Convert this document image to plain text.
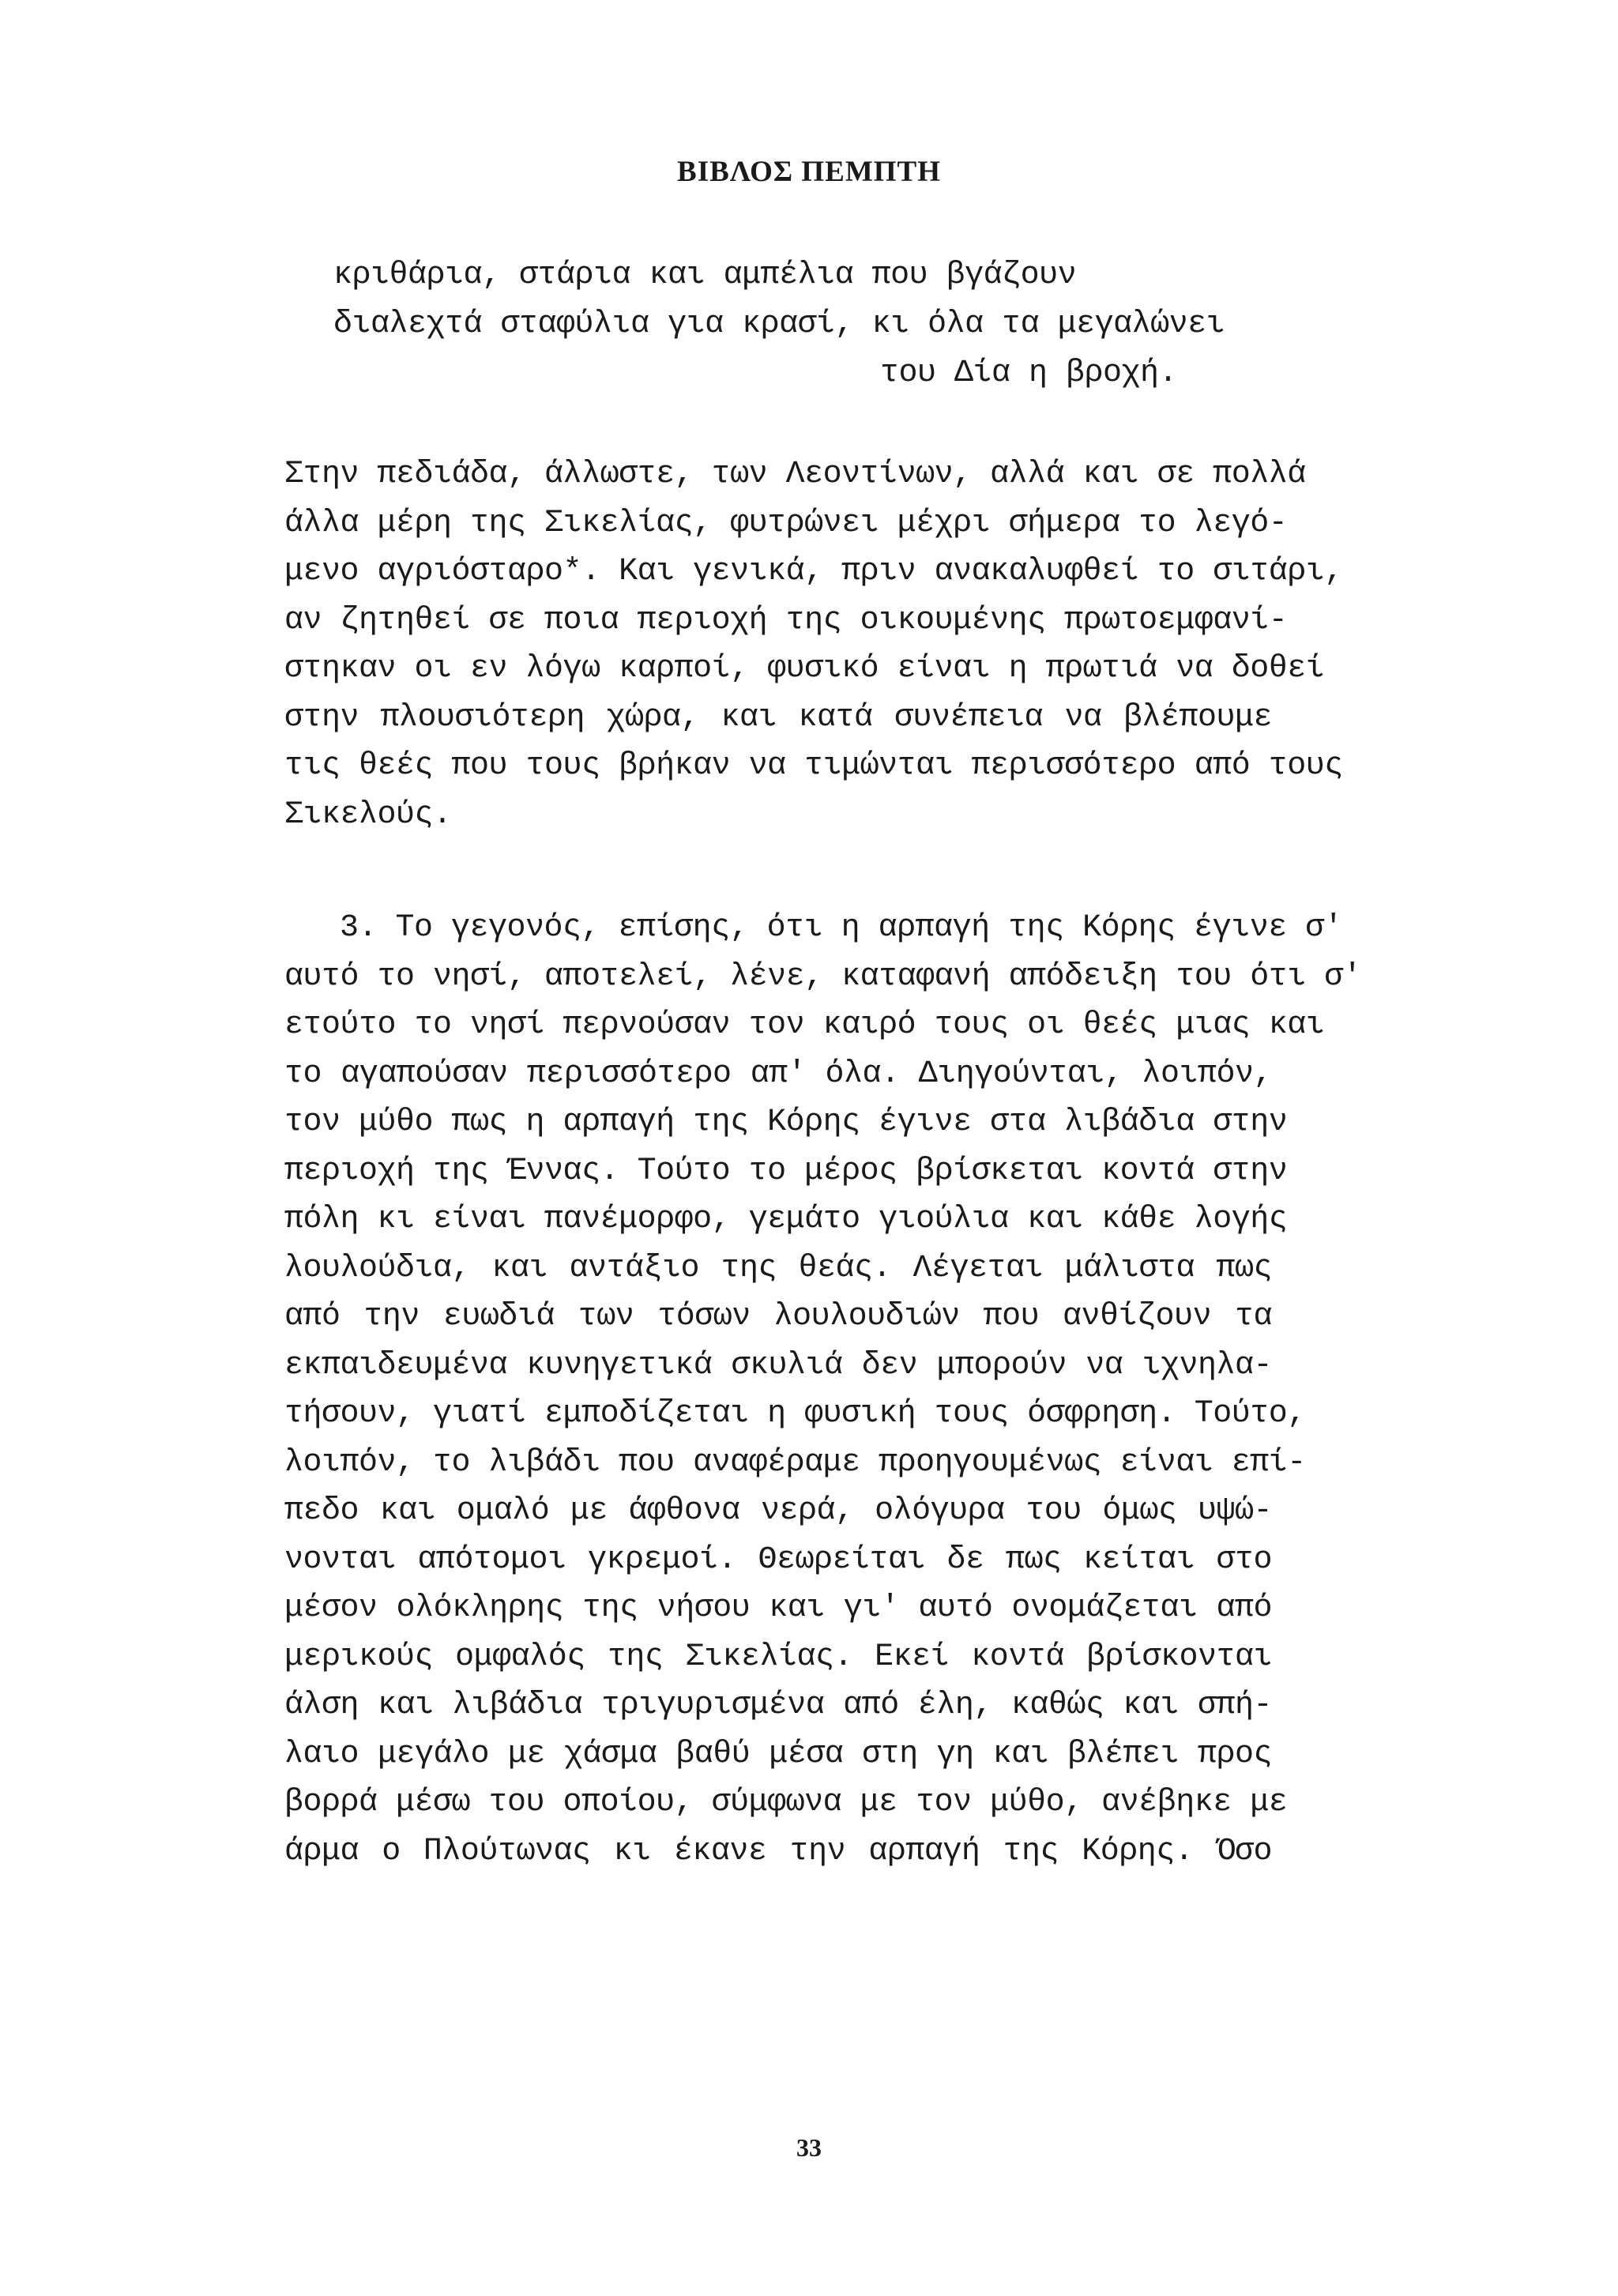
ΒΙΒΛΟΣ ΠΕΜΠΤΗ
κριθάρια, στάρια και αμπέλια που βγάζουν
διαλεχτά σταφύλια για κρασί, κι όλα τα μεγαλώνει
του Δία η βροχή.
Στην πεδιάδα, άλλωστε, των Λεοντίνων, αλλά και σε πολλά
άλλα μέρη της Σικελίας, φυτρώνει μέχρι σήμερα το λεγό-
μενο αγριόσταρο*. Και γενικά, πριν ανακαλυφθεί το σιτάρι,
αν ζητηθεί σε ποια περιοχή της οικουμένης πρωτοεμφανί-
στηκαν οι εν λόγω καρποί, φυσικό είναι η πρωτιά να δοθεί
στην πλουσιότερη χώρα, και κατά συνέπεια να βλέπουμε
τις θεές που τους βρήκαν να τιμώνται περισσότερο από τους
Σικελούς.
3. Το γεγονός, επίσης, ότι η αρπαγή της Κόρης έγινε σ'
αυτό το νησί, αποτελεί, λένε, καταφανή απόδειξη του ότι σ'
ετούτο το νησί περνούσαν τον καιρό τους οι θεές μιας και
το αγαπούσαν περισσότερο απ' όλα. Διηγούνται, λοιπόν,
τον μύθο πως η αρπαγή της Κόρης έγινε στα λιβάδια στην
περιοχή της Έννας. Τούτο το μέρος βρίσκεται κοντά στην
πόλη κι είναι πανέμορφο, γεμάτο γιούλια και κάθε λογής
λουλούδια, και αντάξιο της θεάς. Λέγεται μάλιστα πως
από την ευωδιά των τόσων λουλουδιών που ανθίζουν τα
εκπαιδευμένα κυνηγετικά σκυλιά δεν μπορούν να ιχνηλα-
τήσουν, γιατί εμποδίζεται η φυσική τους όσφρηση. Τούτο,
λοιπόν, το λιβάδι που αναφέραμε προηγουμένως είναι επί-
πεδο και ομαλό με άφθονα νερά, ολόγυρα του όμως υψώ-
νονται απότομοι γκρεμοί. Θεωρείται δε πως κείται στο
μέσον ολόκληρης της νήσου και γι' αυτό ονομάζεται από
μερικούς ομφαλός της Σικελίας. Εκεί κοντά βρίσκονται
άλση και λιβάδια τριγυρισμένα από έλη, καθώς και σπή-
λαιο μεγάλο με χάσμα βαθύ μέσα στη γη και βλέπει προς
βορρά μέσω του οποίου, σύμφωνα με τον μύθο, ανέβηκε με
άρμα ο Πλούτωνας κι έκανε την αρπαγή της Κόρης. Όσο

33
